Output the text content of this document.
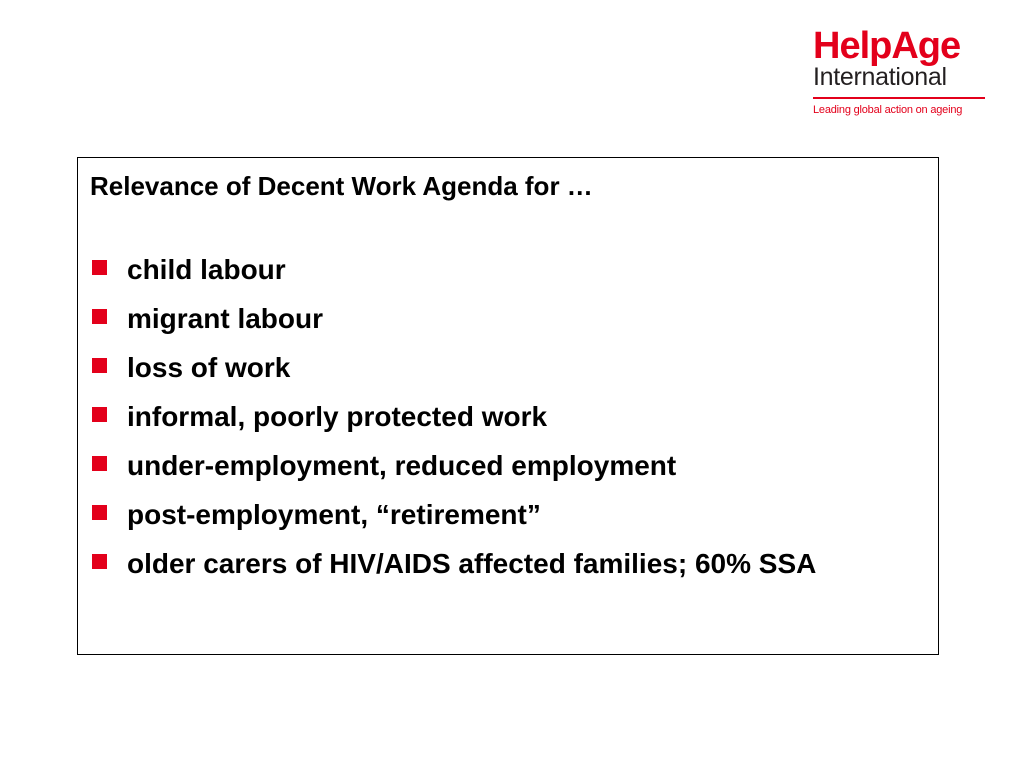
HelpAge
International
Leading global action on ageing

Relevance of Decent Work Agenda for …

child labour
migrant labour
loss of work
informal, poorly protected work
under-employment, reduced employment
post-employment, “retirement”
older carers of HIV/AIDS affected families; 60% SSA
